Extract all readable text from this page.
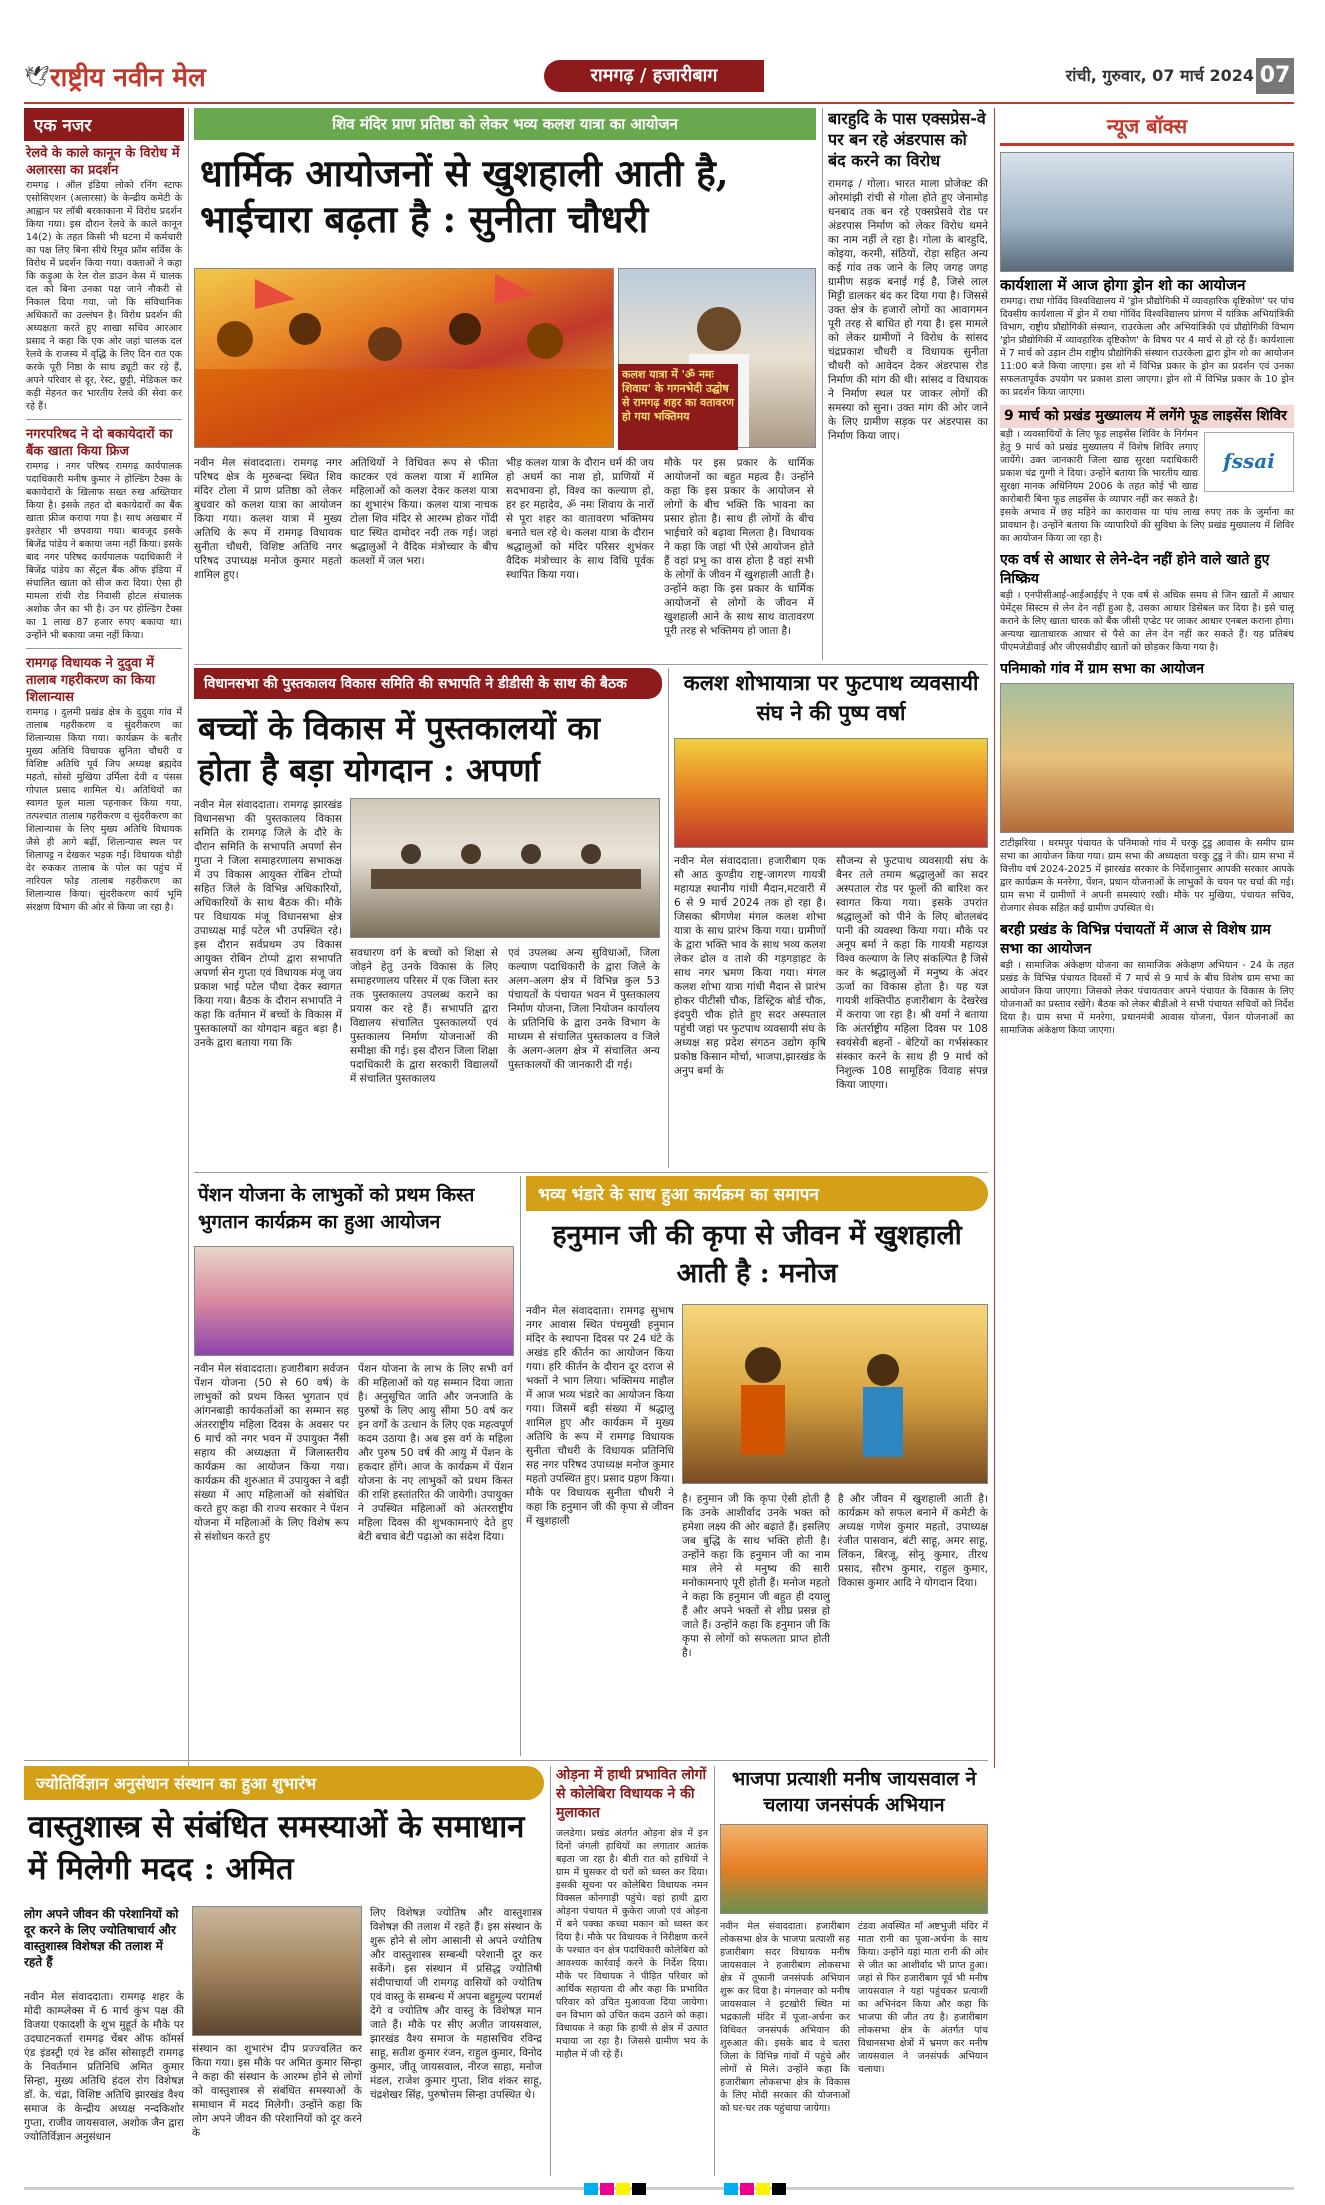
🕊 राष्ट्रीय नवीन मेल	रामगढ़ / हजारीबाग	रांची, गुरुवार, 07 मार्च 2024 07
एक नजर
रेलवे के काले कानून के विरोध में अलारसा का प्रदर्शन
रामगढ़ । ऑल इंडिया लोको रनिंग स्टाफ एसोसिएशन (अलारसा) के केन्द्रीय कमेटी के आह्वान पर लॉबी बरकाकाना में विरोध प्रदर्शन किया गया। इस दौरान रेलवे के काले कानून 14(2) के तहत किसी भी घटना में कर्मचारी का पक्ष लिए बिना सीधे रिमूव फ्रॉम सर्विस के विरोध में प्रदर्शन किया गया। वक्ताओं ने कहा कि कड़ुआ के रेल रोल डाउन केस में चालक दल को बिना उनका पक्ष जाने नौकरी से निकाल दिया गया, जो कि संविधानिक अधिकारों का उल्लंघन है। विरोध प्रदर्शन की अध्यक्षता करते हुए शाखा सचिव आरआर प्रसाद ने कहा कि एक ओर जहां चालक दल रेलवे के राजस्व में वृद्धि के लिए दिन रात एक करके पूरी निष्ठा के साथ ड्यूटी कर रहे हैं, अपने परिवार से दूर, रेस्ट, छुट्टी, मेडिकल कर कड़ी मेहनत कर भारतीय रेलवे की सेवा कर रहे हैं।
नगरपरिषद ने दो बकायेदारों का बैंक खाता किया फ्रिज
रामगढ़ । नगर परिषद रामगढ़ कार्यपालक पदाधिकारी मनीष कुमार ने होल्डिंग टैक्स के बकायेदारों के खिलाफ सख्त रुख अख्तियार किया है। इसके तहत दो बकायेदारों का बैंक खाता फ्रीज कराया गया है। साथ अखबार में इश्तेहार भी छपवाया गया। बावजूद इसके बिजेंद्र पांडेय ने बकाया जमा नहीं किया। इसके बाद नगर परिषद कार्यपालक पदाधिकारी ने बिजेंद्र पांडेय का सेंट्रल बैंक ऑफ इंडिया में संचालित खाता को सीज करा दिया। ऐसा ही मामला रांची रोड निवासी होटल संचालक अशोक जैन का भी है। उन पर होल्डिंग टैक्स का 1 लाख 87 हजार रुपए बकाया था। उन्होंने भी बकाया जमा नहीं किया।
रामगढ़ विधायक ने दुदुवा में तालाब गहरीकरण का किया शिलान्यास
रामगढ़ । दुलमी प्रखंड क्षेत्र के दुदुवा गांव में तालाब गहरीकरण व सुंदरीकरण का शिलान्यास किया गया। कार्यक्रम के बतौर मुख्य अतिथि विधायक सुनिता चौधरी व विशिष्ट अतिथि पूर्व जिप अध्यक्ष ब्रह्मदेव महतो, सोसो मुखिया उर्मिला देवी व पंसस गोपाल प्रसाद शामिल थे। अतिथियों का स्वागत फूल माला पहनाकर किया गया, तत्पश्चात तालाब गहरीकरण व सुंदरीकरण का शिलान्यास के लिए मुख्य अतिथि विधायक जैसे ही आगे बढ़ीं, शिलान्यास स्थल पर शिलापट्ट न देखकर भड़क गईं। विधायक थोड़ी देर रुककर तालाब के पोल का पहुंच में नारियल फोड़ तालाब गहरीकरण का शिलान्यास किया। सुंदरीकरण कार्य भूमि संरक्षण विभाग की ओर से किया जा रहा है।
शिव मंदिर प्राण प्रतिष्ठा को लेकर भव्य कलश यात्रा का आयोजन
धार्मिक आयोजनों से खुशहाली आती है, भाईचारा बढ़ता है : सुनीता चौधरी
कलश यात्रा में 'ॐ नमः शिवाय' के गगनभेदी उद्घोष से रामगढ़ शहर का वतावरण हो गया भक्तिमय
नवीन मेल संवाददाता। रामगढ़ नगर परिषद क्षेत्र के मुरुबन्दा स्थित शिव मंदिर टोला में प्राण प्रतिष्ठा को लेकर बुधवार को कलश यात्रा का आयोजन किया गया। कलश यात्रा में मुख्य अतिथि के रूप में रामगढ़ विधायक सुनीता चौधरी, विशिष्ट अतिथि नगर परिषद उपाध्यक्ष मनोज कुमार महतो शामिल हुए।
अतिथियों ने विधिवत रूप से फीता काटकर एवं कलश यात्रा में शामिल महिलाओं को कलश देकर कलश यात्रा का शुभारंभ किया। कलश यात्रा नाचक टोला शिव मंदिर से आरम्भ होकर गोंदी घाट स्थित दामोदर नदी तक गई। जहां श्रद्धालुओं ने वैदिक मंत्रोच्चार के बीच कलशों में जल भरा।
भीड़ कलश यात्रा के दौरान धर्म की जय हो अधर्म का नाश हो, प्राणियों में सदभावना हो, विश्व का कल्याण हो, हर हर महादेव, ॐ नमः शिवाय के नारों से पूरा शहर का वातावरण भक्तिमय बनाते चल रहे थे। कलश यात्रा के दौरान श्रद्धालुओं को मंदिर परिसर शुभंकर वैदिक मंत्रोच्चार के साथ विधि पूर्वक स्थापित किया गया।
मौके पर इस प्रकार के धार्मिक आयोजनों का बहुत महत्व है। उन्होंने कहा कि इस प्रकार के आयोजन से लोगों के बीच भक्ति कि भावना का प्रसार होता है। साथ ही लोगों के बीच भाईचारे को बढ़ावा मिलता है। विधायक ने कहा कि जहां भी ऐसे आयोजन होते हैं वहां प्रभु का वास होता है वहां सभी के लोगों के जीवन में खुशहाली आती है। उन्होंने कहा कि इस प्रकार के धार्मिक आयोजनों से लोगों के जीवन में खुशहाली आने के साथ साथ वातावरण पूरी तरह से भक्तिमय हो जाता है।
बारहुदि के पास एक्सप्रेस-वे पर बन रहे अंडरपास को बंद करने का विरोध
रामगढ़ / गोला। भारत माला प्रोजेक्ट की ओरमांझी रांची से गोला होते हुए जेनामोड़ धनबाद तक बन रहे एक्सप्रेसवे रोड पर अंडरपास निर्माण को लेकर विरोध थमने का नाम नहीं ले रहा है। गोला के बारहुदि, कोइया, करमी, संठियों, रोड़ा सहित अन्य कई गांव तक जाने के लिए जगह जगह ग्रामीण सड़क बनाई गई है, जिसे लाल मिट्टी डालकर बंद कर दिया गया है। जिससे उक्त क्षेत्र के हजारों लोगों का आवागमन पूरी तरह से बाधित हो गया है। इस मामले को लेकर ग्रामीणों ने विरोध के सांसद चंद्रप्रकाश चौधरी व विधायक सुनीता चौधरी को आवेदन देकर अंडरपास रोड निर्माण की मांग की थी। सांसद व विधायक ने निर्माण स्थल पर जाकर लोगों की समस्या को सुना। उक्त मांग की ओर जाने के लिए ग्रामीण सड़क पर अंडरपास का निर्माण किया जाए।
न्यूज बॉक्स
कार्यशाला में आज होगा ड्रोन शो का आयोजन
रामगढ़। राधा गोविंद विश्वविद्यालय में 'ड्रोन प्रौद्योगिकी में व्यावहारिक दृष्टिकोण' पर पांच दिवसीय कार्यशाला में ड्रोन में राधा गोविंद विश्वविद्यालय प्रांगण में यांत्रिक अभियांत्रिकी विभाग, राष्ट्रीय प्रौद्योगिकी संस्थान, राउरकेला और अभियांत्रिकी एवं प्रौद्योगिकी विभाग 'ड्रोन प्रौद्योगिकी में व्यावहारिक दृष्टिकोण' के विषय पर 4 मार्च से हो रहे हैं। कार्यशाला में 7 मार्च को उड़ान टीम राष्ट्रीय प्रौद्योगिकी संस्थान राउरकेला द्वारा ड्रोन शो का आयोजन 11:00 बजे किया जाएगा। इस शो में विभिन्न प्रकार के ड्रोन का प्रदर्शन एवं उनका सफलतापूर्वक उपयोग पर प्रकाश डाला जाएगा। ड्रोन शो में विभिन्न प्रकार के 10 ड्रोन का प्रदर्शन किया जाएगा।
9 मार्च को प्रखंड मुख्यालय में लगेंगे फूड लाइसेंस शिविर
fssai
बड़ी । व्यवसायियों के लिए फूड लाइसेंस शिविर के निर्गमन हेतु 9 मार्च को प्रखंड मुख्यालय में विशेष शिविर लगाए जायेंगे। उक्त जानकारी जिला खाद्य सुरक्षा पदाधिकारी प्रकाश चंद्र गुग्गी ने दिया। उन्होंने बताया कि भारतीय खाद्य सुरक्षा मानक अधिनियम 2006 के तहत कोई भी खाद्य कारोबारी बिना फूड लाइसेंस के व्यापार नहीं कर सकते है। इसके अभाव में छह महिने का कारावास या पांच लाख रुपए तक के जुर्माना का प्रावधान है। उन्होंने बताया कि व्यापारियों की सुविधा के लिए प्रखंड मुख्यालय में शिविर का आयोजन किया जा रहा है।
एक वर्ष से आधार से लेने-देन नहीं होने वाले खाते हुए निष्क्रिय
बड़ी । एनपीसीआई-आईआईईए ने एक वर्ष से अधिक समय से जिन खातों में आधार पेमेंट्स सिस्टम से लेन देन नहीं हुआ है, उसका आधार डिसेबल कर दिया है। इसे चालू कराने के लिए खाता धारक को बैंक जीसी एप्डेट पर जाकर आधार एनबल कराना होगा। अन्यथा खाताधारक आधार से पैसे का लेन देन नहीं कर सकते हैं। यह प्रतिबंध पीएमजेडीवाई और जीएसवीडीए खातों को छोड़कर किया गया है।
पनिमाको गांव में ग्राम सभा का आयोजन
टाटीझरिया । धरमपुर पंचायत के पनिमाको गांव में चरकु टुडु आवास के समीप ग्राम सभा का आयोजन किया गया। ग्राम सभा की अध्यक्षता चरकु टुडु ने की। ग्राम सभा में वित्तीय वर्ष 2024-2025 में झारखंड सरकार के निर्देशानुसार आपकी सरकार आपके द्वार कार्यक्रम के मनरेगा, पेंशन, प्रधान योजनाओं के लाभुकों के चयन पर चर्चा की गई। ग्राम सभा में ग्रामीणों ने अपनी समस्याएं रखी। मौके पर मुखिया, पंचायत सचिव, रोजगार सेवक सहित कई ग्रामीण उपस्थित थे।
बरही प्रखंड के विभिन्न पंचायतों में आज से विशेष ग्राम सभा का आयोजन
बड़ी । सामाजिक अंकेक्षण योजना का सामाजिक अंकेक्षण अभियान - 24 के तहत प्रखंड के विभिन्न पंचायत दिवसों में 7 मार्च से 9 मार्च के बीच विशेष ग्राम सभा का आयोजन किया जाएगा। जिसको लेकर पंचायतवार अपने पंचायत के विकास के लिए योजनाओं का प्रस्ताव रखेंगे। बैठक को लेकर बीडीओ ने सभी पंचायत सचिवों को निर्देश दिया है। ग्राम सभा में मनरेगा, प्रधानमंत्री आवास योजना, पेंशन योजनाओं का सामाजिक अंकेक्षण किया जाएगा।
विधानसभा की पुस्तकालय विकास समिति की सभापति ने डीडीसी के साथ की बैठक
बच्चों के विकास में पुस्तकालयों का होता है बड़ा योगदान : अपर्णा
नवीन मेल संवाददाता। रामगढ़ झारखंड विधानसभा की पुस्तकालय विकास समिति के रामगढ़ जिले के दौरे के दौरान समिति के सभापति अपर्णा सेन गुप्ता ने जिला समाहरणालय सभाकक्ष में उप विकास आयुक्त रोबिन टोप्पो सहित जिले के विभिन्न अधिकारियों, अधिकारियों के साथ बैठक की। मौके पर विधायक मंजू विधानसभा क्षेत्र उपाध्यक्ष माई पटेल भी उपस्थित रहे। इस दौरान सर्वप्रथम उप विकास आयुक्त रोबिन टोप्पो द्वारा सभापति अपर्णा सेन गुप्ता एवं विधायक मंजू जय प्रकाश भाई पटेल पौधा देकर स्वागत किया गया। बैठक के दौरान सभापति ने कहा कि वर्तमान में बच्चों के विकास में पुस्तकालयों का योगदान बहुत बड़ा है। उनके द्वारा बताया गया कि
सवधारण वर्ग के बच्चों को शिक्षा से जोड़ने हेतु उनके विकास के लिए समाहरणालय परिसर में एक जिला स्तर तक पुस्तकालय उपलब्ध कराने का प्रयास कर रहे हैं। सभापति द्वारा विद्यालय संचालित पुस्तकालयों एवं पुस्तकालय निर्माण योजनाओं की समीक्षा की गई। इस दौरान जिला शिक्षा पदाधिकारी के द्वारा सरकारी विद्यालयों में संचालित पुस्तकालय
एवं उपलब्ध अन्य सुविधाओं, जिला कल्याण पदाधिकारी के द्वारा जिले के अलग-अलग क्षेत्र में विभिन्न कुल 53 पंचायतों के पंचायत भवन में पुस्तकालय निर्माण योजना, जिला नियोजन कार्यालय के प्रतिनिधि के द्वारा उनके विभाग के माध्यम से संचालित पुस्तकालय व जिले के अलग-अलग क्षेत्र में संचालित अन्य पुस्तकालयों की जानकारी दी गई।
कलश शोभायात्रा पर फुटपाथ व्यवसायी संघ ने की पुष्प वर्षा
नवीन मेल संवाददाता। हजारीबाग एक सौ आठ कुण्डीय राष्ट्र-जागरण गायत्री महायज्ञ स्थानीय गांधी मैदान,मटवारी में 6 से 9 मार्च 2024 तक हो रहा है। जिसका श्रीगणेश मंगल कलश शोभा यात्रा के साथ प्रारंभ किया गया। ग्रामीणों के द्वारा भक्ति भाव के साथ भव्य कलश लेकर ढोल व ताशे की गड़गड़ाहट के साथ नगर भ्रमण किया गया। मंगल कलश शोभा यात्रा गांधी मैदान से प्रारंभ होकर पीटीसी चौक, डिस्ट्रिक बोर्ड चौक, इंदपुरी चौक होते हुए सदर अस्पताल पहुंची जहां पर फुटपाथ व्यवसायी संघ के अध्यक्ष सह प्रदेश संगठन उद्योग कृषि प्रकोष्ठ किसान मोर्चा, भाजपा,झारखंड के अनुप बर्मा के
सौजन्य से फुटपाथ व्यवसायी संघ के बैनर तले तमाम श्रद्धालुओं का सदर अस्पताल रोड पर फूलों की बारिश कर स्वागत किया गया। इसके उपरांत श्रद्धालुओं को पीने के लिए बोतलबंद पानी की व्यवस्था किया गया। मौके पर अनूप बर्मा ने कहा कि गायत्री महायज्ञ विश्व कल्याण के लिए संकल्पित है जिसे कर के श्रद्धालुओं में मनुष्य के अंदर ऊर्जा का विकास होता है। यह यज्ञ गायत्री शक्तिपीठ हजारीबाग के देखरेख में कराया जा रहा है। श्री वर्मा ने बताया कि अंतर्राष्ट्रीय महिला दिवस पर 108 स्वयंसेवी बहनों - बेटियों का गर्भसंस्कार संस्कार करने के साथ ही 9 मार्च को निशुल्क 108 सामूहिक विवाह संपन्न किया जाएगा।
पेंशन योजना के लाभुकों को प्रथम किस्त भुगतान कार्यक्रम का हुआ आयोजन
नवीन मेल संवाददाता। हजारीबाग सर्वजन पेंशन योजना (50 से 60 वर्ष) के लाभुकों को प्रथम किस्त भुगतान एवं आंगनबाड़ी कार्यकर्ताओं का सम्मान सह अंतरराष्ट्रीय महिला दिवस के अवसर पर 6 मार्च को नगर भवन में उपायुक्त नैंसी सहाय की अध्यक्षता में जिलास्तरीय कार्यक्रम का आयोजन किया गया। कार्यक्रम की शुरुआत में उपायुक्त ने बड़ी संख्या में आए महिलाओं को संबोधित करते हुए कहा की राज्य सरकार ने पेंशन योजना में महिलाओं के लिए विशेष रूप से संशोधन करते हुए
पेंशन योजना के लाभ के लिए सभी वर्ग की महिलाओं को यह सम्मान दिया जाता है। अनुसूचित जाति और जनजाति के पुरुषों के लिए आयु सीमा 50 वर्ष कर इन वर्गों के उत्थान के लिए एक महत्वपूर्ण कदम उठाया है। अब इस वर्ग के महिला और पुरुष 50 वर्ष की आयु में पेंशन के हकदार होंगे। आज के कार्यक्रम में पेंशन योजना के नए लाभुकों को प्रथम किस्त की राशि हस्तांतरित की जायेगी। उपायुक्त ने उपस्थित महिलाओं को अंतरराष्ट्रीय महिला दिवस की शुभकामनाएं देते हुए बेटी बचाव बेटी पढ़ाओ का संदेश दिया।
भव्य भंडारे के साथ हुआ कार्यक्रम का समापन
हनुमान जी की कृपा से जीवन में खुशहाली आती है : मनोज
नवीन मेल संवाददाता। रामगढ़ सुभाष नगर आवास स्थित पंचमुखी हनुमान मंदिर के स्थापना दिवस पर 24 घंटे के अखंड हरि कीर्तन का आयोजन किया गया। हरि कीर्तन के दौरान दूर दराज से भक्तों ने भाग लिया। भक्तिमय माहौल में आज भव्य भंडारे का आयोजन किया गया। जिसमें बड़ी संख्या में श्रद्धालु शामिल हुए और कार्यक्रम में मुख्य अतिथि के रूप में रामगढ़ विधायक सुनीता चौधरी के विधायक प्रतिनिधि सह नगर परिषद उपाध्यक्ष मनोज कुमार महतो उपस्थित हुए। प्रसाद ग्रहण किया। मौके पर विधायक सुनीता चौधरी ने कहा कि हनुमान जी की कृपा से जीवन में खुशहाली
है। हनुमान जी कि कृपा ऐसी होती है कि उनके आशीर्वाद उनके भक्त को हमेशा लक्ष्य की ओर बढ़ाते हैं। इसलिए जब बुद्धि के साथ भक्ति होती है। उन्होंने कहा कि हनुमान जी का नाम मात्र लेने से मनुष्य की सारी मनोकामनाएं पूरी होती हैं। मनोज महतो ने कहा कि हनुमान जी बहुत ही दयालु हैं और अपने भक्तों से शीघ्र प्रसन्न हो जाते हैं। उन्होंने कहा कि हनुमान जी कि कृपा से लोगों को सफलता प्राप्त होती है।
है और जीवन में खुशहाली आती है। कार्यक्रम को सफल बनाने में कमेटी के अध्यक्ष गणेश कुमार महतो, उपाध्यक्ष रंजीत पासवान, बंटी साहू, अमर साहू, लिंकन, बिरजू, सोनू कुमार, तीरथ प्रसाद, सौरभ कुमार, राहुल कुमार, विकास कुमार आदि ने योगदान दिया।
ज्योतिर्विज्ञान अनुसंधान संस्थान का हुआ शुभारंभ
वास्तुशास्त्र से संबंधित समस्याओं के समाधान में मिलेगी मदद : अमित
लोग अपने जीवन की परेशानियों को दूर करने के लिए ज्योतिषाचार्य और वास्तुशास्त्र विशेषज्ञ की तलाश में रहते हैं
नवीन मेल संवाददाता। रामगढ़ शहर के मोदी काम्प्लेक्स में 6 मार्च कुंभ पक्ष की विजया एकादशी के शुभ मुहूर्त के मौके पर उदघाटनकर्ता रामगढ़ चेंबर ऑफ कॉमर्स एंड इंडस्ट्री एवं रेड क्रॉस सोसाइटी रामगढ़ के निवर्तमान प्रतिनिधि अमित कुमार सिन्हा, मुख्य अतिथि हंदल रोग विशेषज्ञ डॉ. के. चंद्रा, विशिष्ट अतिथि झारखंड वैश्य समाज के केन्द्रीय अध्यक्ष नन्दकिशोर गुप्ता, राजीव जायसवाल, अशोक जैन द्वारा ज्योतिर्विज्ञान अनुसंधान
संस्थान का शुभारंभ दीप प्रज्ज्वलित कर किया गया। इस मौके पर अमित कुमार सिन्हा ने कहा की संस्थान के आरम्भ होने से लोगों को वास्तुशास्त्र से संबंधित समस्याओं के समाधान में मदद मिलेगी। उन्होंने कहा कि लोग अपने जीवन की परेशानियों को दूर करने के
लिए विशेषज्ञ ज्योतिष और वास्तुशास्त्र विशेषज्ञ की तलाश में रहते हैं। इस संस्थान के शुरू होने से लोग आसानी से अपने ज्योतिष और वास्तुशास्त्र सम्बन्धी परेशानी दूर कर सकेंगे। इस संस्थान में प्रसिद्ध ज्योतिषी संदीपाचार्या जी रामगढ़ वासियों को ज्योतिष एवं वास्तु के सम्बन्ध में अपना बहुमूल्य परामर्श देंगे व ज्योतिष और वास्तु के विशेषज्ञ मान जाते हैं। मौके पर सीए अजीत जायसवाल, झारखंड वैश्य समाज के महासचिव रविन्द्र साहू, सतीश कुमार रंजन, राहुल कुमार, विनोद कुमार, जीतू जायसवाल, नीरज साहा, मनोज मंडल, राजेश कुमार गुप्ता, शिव शंकर साहू, चंद्रशेखर सिंह, पुरुषोत्तम सिन्हा उपस्थित थे।
ओड़ना में हाथी प्रभावित लोगों से कोलेबिरा विधायक ने की मुलाकात
जलडेगा। प्रखंड अंतर्गत ओड़ना क्षेत्र में इन दिनों जंगली हाथियों का लगातार आतंक बढ़ता जा रहा है। बीती रात को हाथियों ने ग्राम में घुसकर दो घरों को ध्वस्त कर दिया। इसकी सूचना पर कोलेबिरा विधायक नमन विक्सल कोनगाड़ी पहुंचे। वहां हाथी द्वारा ओड़ना पंचायत में कुकेरा जाजो एवं ओड़ना में बने पक्का कच्चा मकान को ध्वस्त कर दिया है। मौके पर विधायक ने निरीक्षण करने के पश्चात वन क्षेत्र पदाधिकारी कोलेबिरा को आवश्यक कार्रवाई करने के निर्देश दिया। मौके पर विधायक ने पीड़ित परिवार को आर्थिक सहायता दी और कहा कि प्रभावित परिवार को उचित मुआवजा दिया जायेगा। वन विभाग को उचित कदम उठाने को कहा। विधायक ने कहा कि हाथी से क्षेत्र में उत्पात मचाया जा रहा है। जिससे ग्रामीण भय के माहौल में जी रहे हैं।
भाजपा प्रत्याशी मनीष जायसवाल ने चलाया जनसंपर्क अभियान
नवीन मेल संवाददाता। हजारीबाग लोकसभा क्षेत्र के भाजपा प्रत्याशी सह हजारीबाग सदर विधायक मनीष जायसवाल ने हजारीबाग लोकसभा क्षेत्र में तूफानी जनसंपर्क अभियान शुरू कर दिया है। मंगलवार को मनीष जायसवाल ने इटखोरी स्थित मां भद्रकाली मंदिर में पूजा-अर्चना कर विधिवत जनसंपर्क अभियान की शुरुआत की। इसके बाद वे चतरा जिला के विभिन्न गांवों में पहुंचे और लोगों से मिले। उन्होंने कहा कि हजारीबाग लोकसभा क्षेत्र के विकास के लिए मोदी सरकार की योजनाओं को घर-घर तक पहुंचाया जायेगा।
टंडवा अवस्थित माँ अष्टभुजी मंदिर में माता रानी का पूजा-अर्चना के साथ किया। उन्होंने यहां माता रानी की ओर से जीत का आशीर्वाद भी प्राप्त हुआ। जहां से फिर हजारीबाग पूर्व भी मनीष जायसवाल ने यहां पहुंचकर प्रत्याशी का अभिनंदन किया और कहा कि भाजपा की जीत तय है। हजारीबाग लोकसभा क्षेत्र के अंतर्गत पांच विधानसभा क्षेत्रों में भ्रमण कर मनीष जायसवाल ने जनसंपर्क अभियान चलाया।
